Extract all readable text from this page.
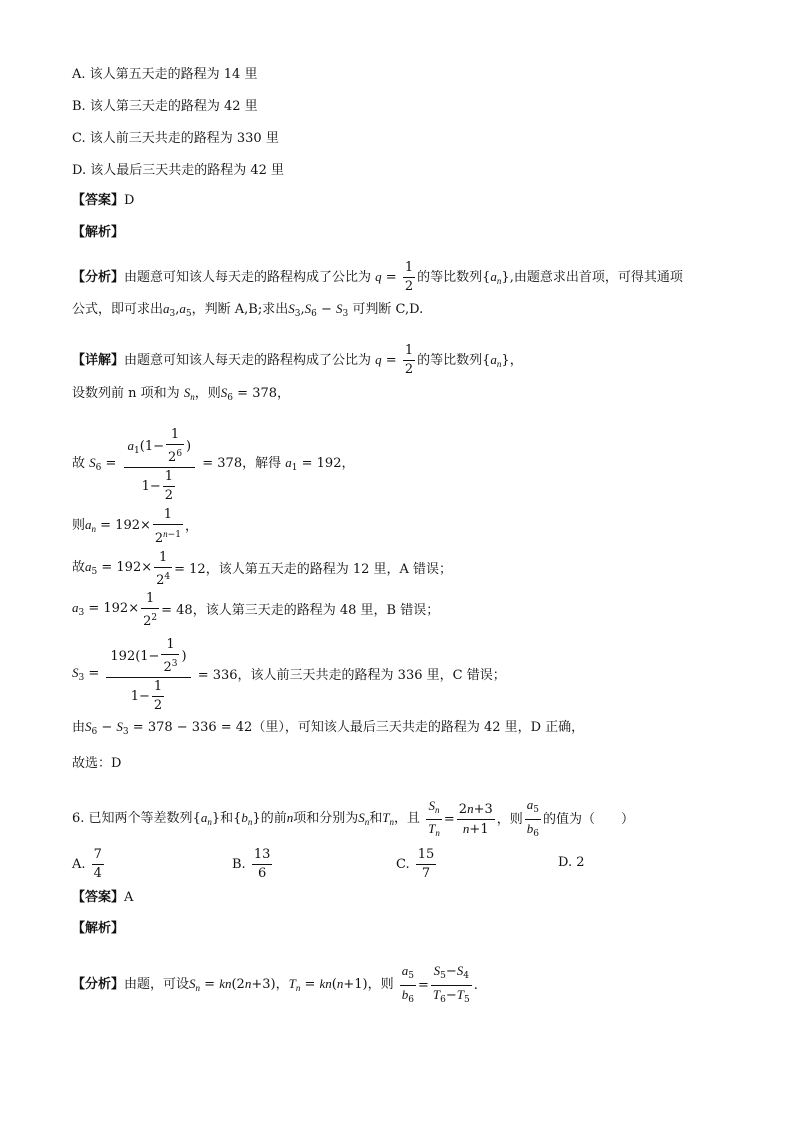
A. 该人第五天走的路程为 14 里
B. 该人第三天走的路程为 42 里
C. 该人前三天共走的路程为 330 里
D. 该人最后三天共走的路程为 42 里
【答案】D
【解析】
【分析】由题意可知该人每天走的路程构成了公比为 $q = \frac{1}{2}$ 的等比数列$\{a_n\}$,由题意求出首项，可得其通项
公式，即可求出$a_3,a_5$，判断 A,B;求出$S_3,S_6 - S_3$ 可判断 C,D.
【详解】由题意可知该人每天走的路程构成了公比为 $q = \frac{1}{2}$ 的等比数列$\{a_n\}$，
设数列前 n 项和为 $S_n$，则$S_6 = 378$，
故 $S_6 = \frac{a_1(1- \frac{1}{2^6} )}{1- \frac{1}{2}} = 378$，解得 $a_1 = 192$，
则$a_n = 192\times \frac{1}{2^{n-1}}$ ，
故$a_5 = 192\times \frac{1}{2^4} = 12$，该人第五天走的路程为 12 里，A 错误；
$a_3 = 192\times \frac{1}{2^2} = 48$，该人第三天走的路程为 48 里，B 错误；
$S_3 = \frac{192(1- \frac{1}{2^3} )}{1- \frac{1}{2}} = 336$，该人前三天共走的路程为 336 里，C 错误；
由$S_6 - S_3 = 378 - 336 = 42$（里），可知该人最后三天共走的路程为 42 里，D 正确，
故选：D
6. 已知两个等差数列$\{a_n\}$和$\{b_n\}$的前n项和分别为$S_n$和$T_n$，且 $\frac{S_n}{T_n} = \frac{2n+3}{n+1}$ ，则 $\frac{a_5}{b_6}$ 的值为（　　）
A. $\frac{7}{4}$	B. $\frac{13}{6}$	C. $\frac{15}{7}$	D. 2
【答案】A
【解析】
【分析】由题，可设$S_n = kn(2n+3)$，$T_n = kn(n+1)$，则 $\frac{a_5}{b_6} = \frac{S_5-S_4}{T_6-T_5}$ .
